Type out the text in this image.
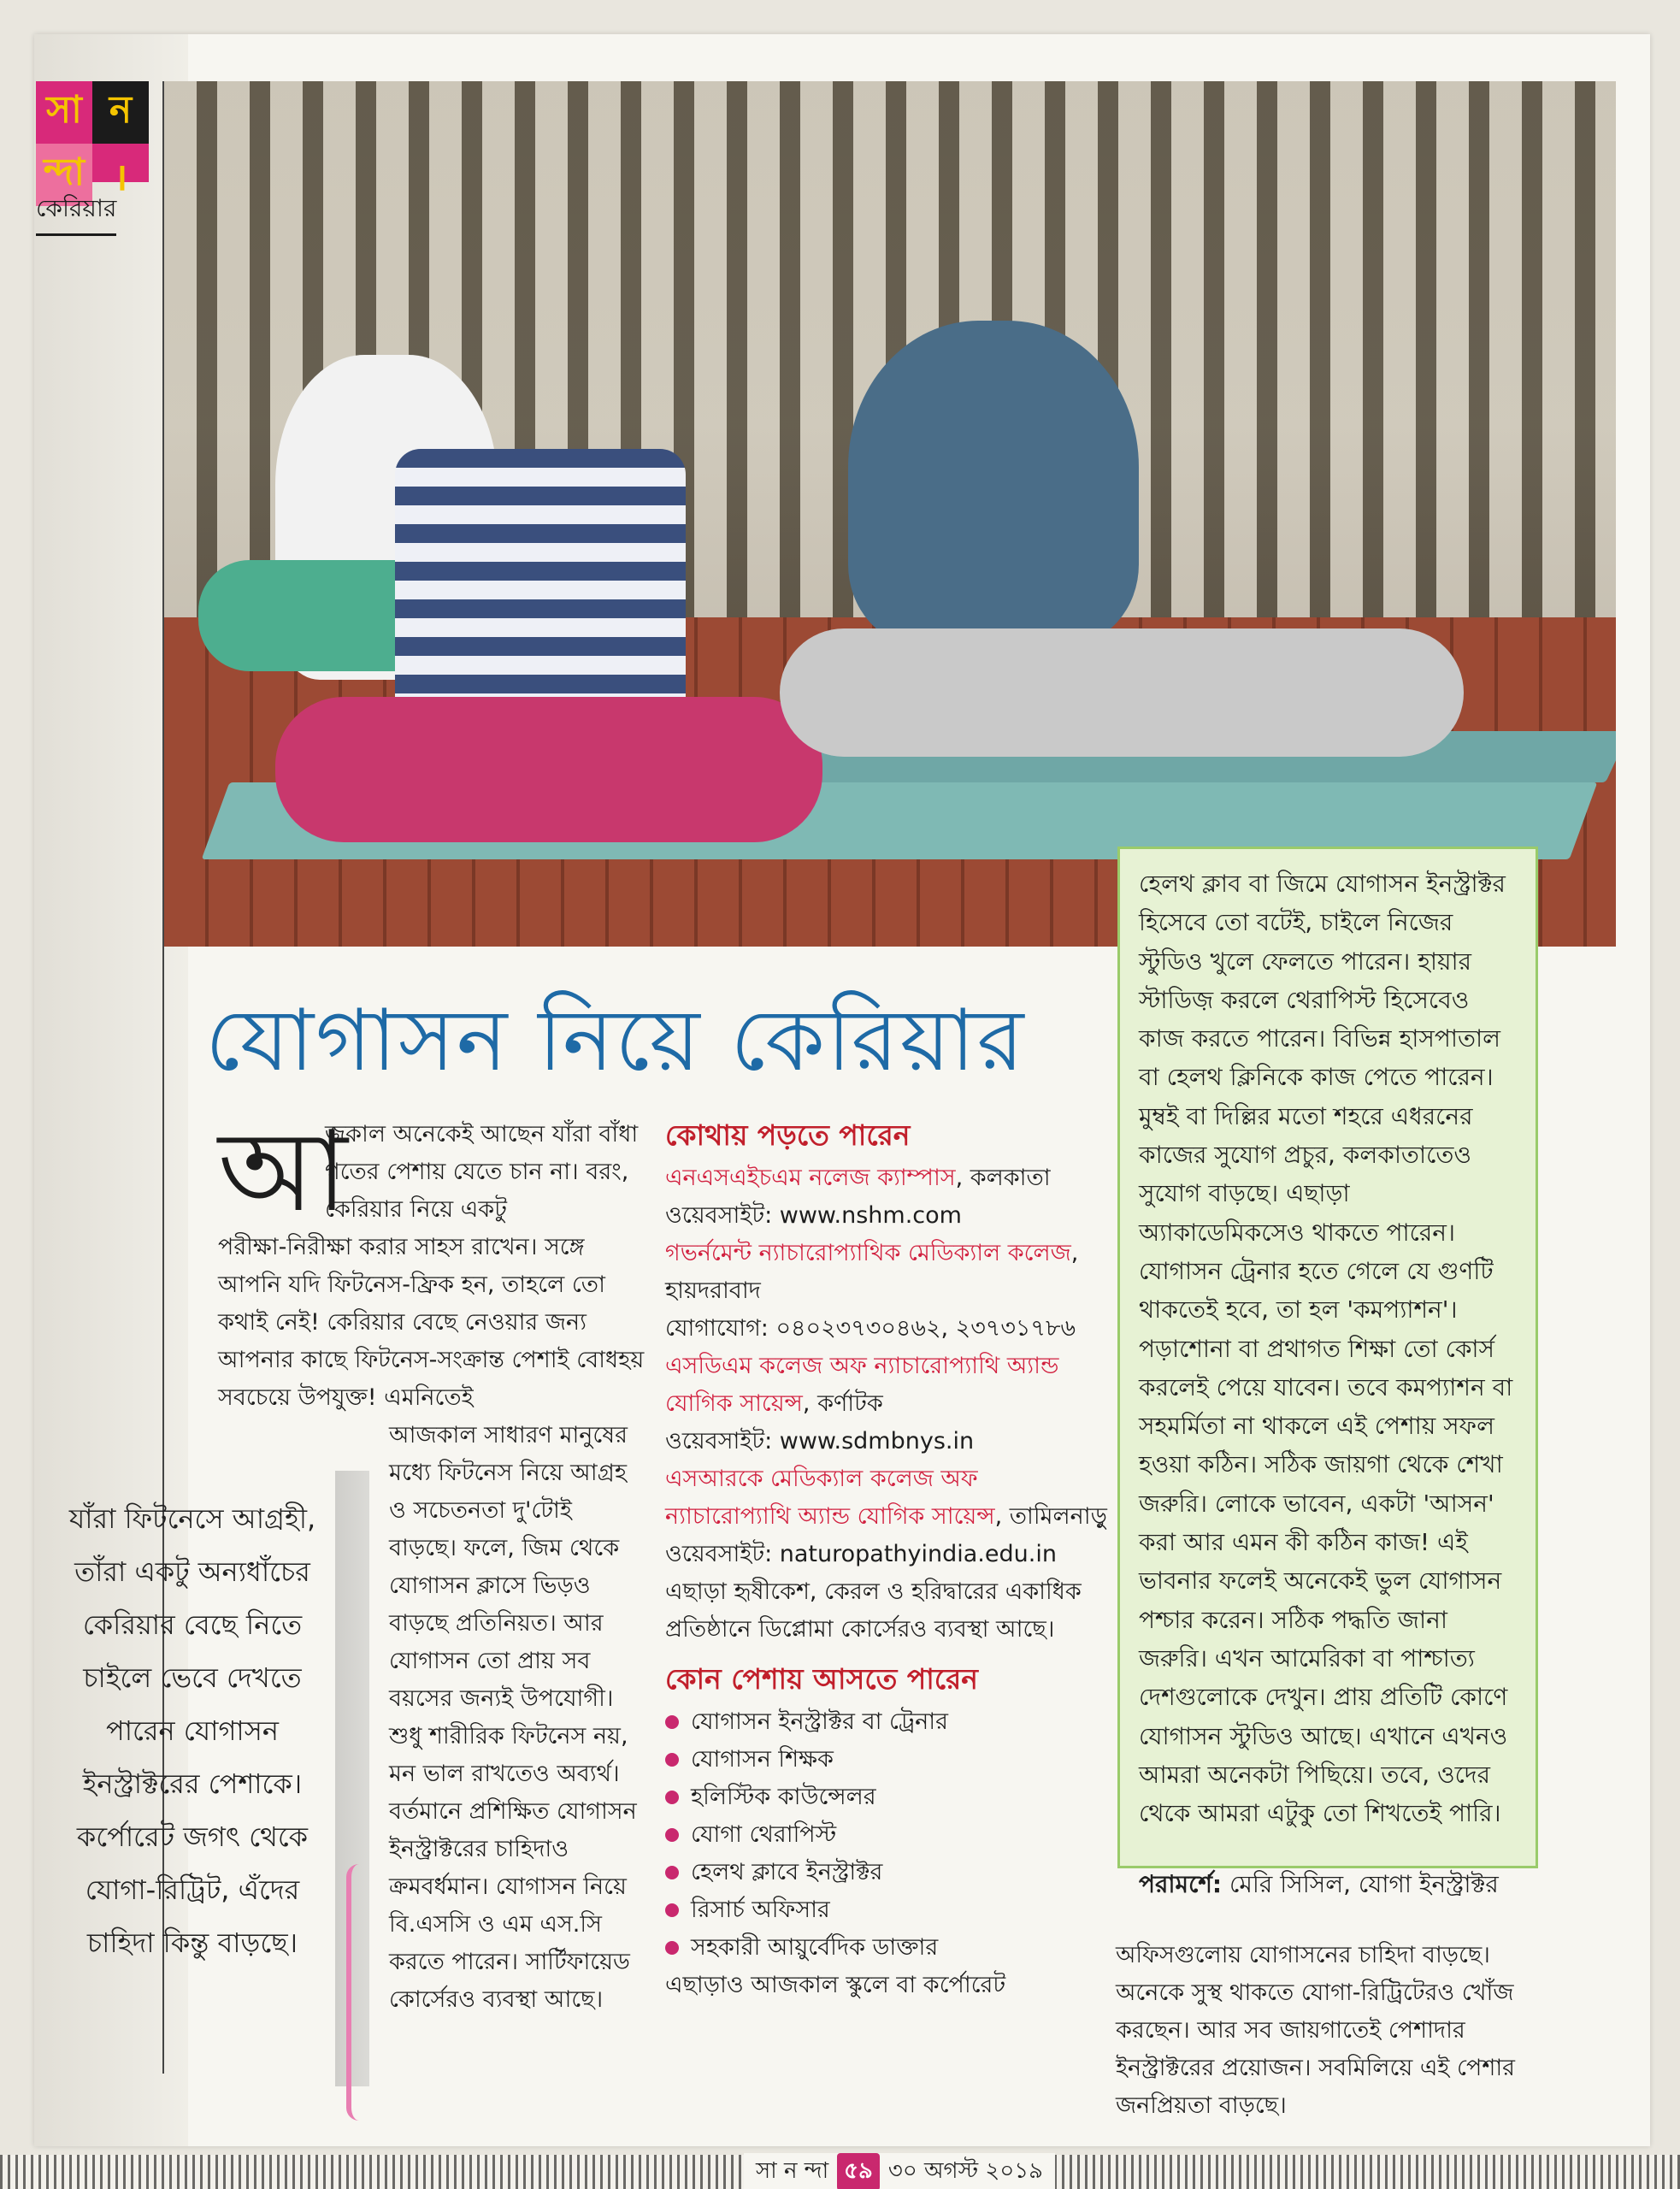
সা ন
ন্দা ।
কেরিয়ার
যোগাসন নিয়ে কেরিয়ার
আ
জকাল অনেকেই আছেন যাঁরা বাঁধা গতের পেশায় যেতে চান না। বরং, কেরিয়ার নিয়ে একটু
পরীক্ষা-নিরীক্ষা করার সাহস রাখেন। সঙ্গে আপনি যদি ফিটনেস-ফ্রিক হন, তাহলে তো কথাই নেই! কেরিয়ার বেছে নেওয়ার জন্য আপনার কাছে ফিটনেস-সংক্রান্ত পেশাই বোধহয় সবচেয়ে উপযুক্ত! এমনিতেই
আজকাল সাধারণ মানুষের মধ্যে ফিটনেস নিয়ে আগ্রহ ও সচেতনতা দু'টোই বাড়ছে। ফলে, জিম থেকে যোগাসন ক্লাসে ভিড়ও বাড়ছে প্রতিনিয়ত। আর যোগাসন তো প্রায় সব বয়সের জন্যই উপযোগী। শুধু শারীরিক ফিটনেস নয়, মন ভাল রাখতেও অব্যর্থ। বর্তমানে প্রশিক্ষিত যোগাসন ইনস্ট্রাক্টরের চাহিদাও ক্রমবর্ধমান। যোগাসন নিয়ে বি.এসসি ও এম এস.সি করতে পারেন। সার্টিফায়েড কোর্সেরও ব্যবস্থা আছে।
যাঁরা ফিটনেসে আগ্রহী, তাঁরা একটু অন্যধাঁচের কেরিয়ার বেছে নিতে চাইলে ভেবে দেখতে পারেন যোগাসন ইনস্ট্রাক্টরের পেশাকে। কর্পোরেট জগৎ থেকে যোগা-রিট্রিট, এঁদের চাহিদা কিন্তু বাড়ছে।
কোথায় পড়তে পারেন
এনএসএইচএম নলেজ ক্যাম্পাস, কলকাতা
ওয়েবসাইট: www.nshm.com
গভর্নমেন্ট ন্যাচারোপ্যাথিক মেডিক্যাল কলেজ, হায়দরাবাদ
যোগাযোগ: ০৪০২৩৭৩০৪৬২, ২৩৭৩১৭৮৬
এসডিএম কলেজ অফ ন্যাচারোপ্যাথি অ্যান্ড যোগিক সায়েন্স, কর্ণাটক
ওয়েবসাইট: www.sdmbnys.in
এসআরকে মেডিক্যাল কলেজ অফ ন্যাচারোপ্যাথি অ্যান্ড যোগিক সায়েন্স, তামিলনাড়ু
ওয়েবসাইট: naturopathyindia.edu.in
এছাড়া হৃষীকেশ, কেরল ও হরিদ্বারের একাধিক প্রতিষ্ঠানে ডিপ্লোমা কোর্সেরও ব্যবস্থা আছে।
কোন পেশায় আসতে পারেন
যোগাসন ইনস্ট্রাক্টর বা ট্রেনার
যোগাসন শিক্ষক
হলিস্টিক কাউন্সেলর
যোগা থেরাপিস্ট
হেলথ ক্লাবে ইনস্ট্রাক্টর
রিসার্চ অফিসার
সহকারী আয়ুর্বেদিক ডাক্তার
এছাড়াও আজকাল স্কুলে বা কর্পোরেট
হেলথ ক্লাব বা জিমে যোগাসন ইনস্ট্রাক্টর হিসেবে তো বটেই, চাইলে নিজের স্টুডিও খুলে ফেলতে পারেন। হায়ার স্টাডিজ় করলে থেরাপিস্ট হিসেবেও কাজ করতে পারেন। বিভিন্ন হাসপাতাল বা হেলথ ক্লিনিকে কাজ পেতে পারেন। মুম্বই বা দিল্লির মতো শহরে এধরনের কাজের সুযোগ প্রচুর, কলকাতাতেও সুযোগ বাড়ছে। এছাড়া অ্যাকাডেমিকসেও থাকতে পারেন। যোগাসন ট্রেনার হতে গেলে যে গুণটি থাকতেই হবে, তা হল 'কমপ্যাশন'। পড়াশোনা বা প্রথাগত শিক্ষা তো কোর্স করলেই পেয়ে যাবেন। তবে কমপ্যাশন বা সহমর্মিতা না থাকলে এই পেশায় সফল হওয়া কঠিন। সঠিক জায়গা থেকে শেখা জরুরি। লোকে ভাবেন, একটা 'আসন' করা আর এমন কী কঠিন কাজ! এই ভাবনার ফলেই অনেকেই ভুল যোগাসন পশ্চার করেন। সঠিক পদ্ধতি জানা জরুরি। এখন আমেরিকা বা পাশ্চাত্য দেশগুলোকে দেখুন। প্রায় প্রতিটি কোণে যোগাসন স্টুডিও আছে। এখানে এখনও আমরা অনেকটা পিছিয়ে। তবে, ওদের থেকে আমরা এটুকু তো শিখতেই পারি।
পরামর্শে: মেরি সিসিল, যোগা ইনস্ট্রাক্টর
অফিসগুলোয় যোগাসনের চাহিদা বাড়ছে। অনেকে সুস্থ থাকতে যোগা-রিট্রিটেরও খোঁজ করছেন। আর সব জায়গাতেই পেশাদার ইনস্ট্রাক্টরের প্রয়োজন। সবমিলিয়ে এই পেশার জনপ্রিয়তা বাড়ছে।
সা ন ন্দা ৫৯ ৩০ অগস্ট ২০১৯
